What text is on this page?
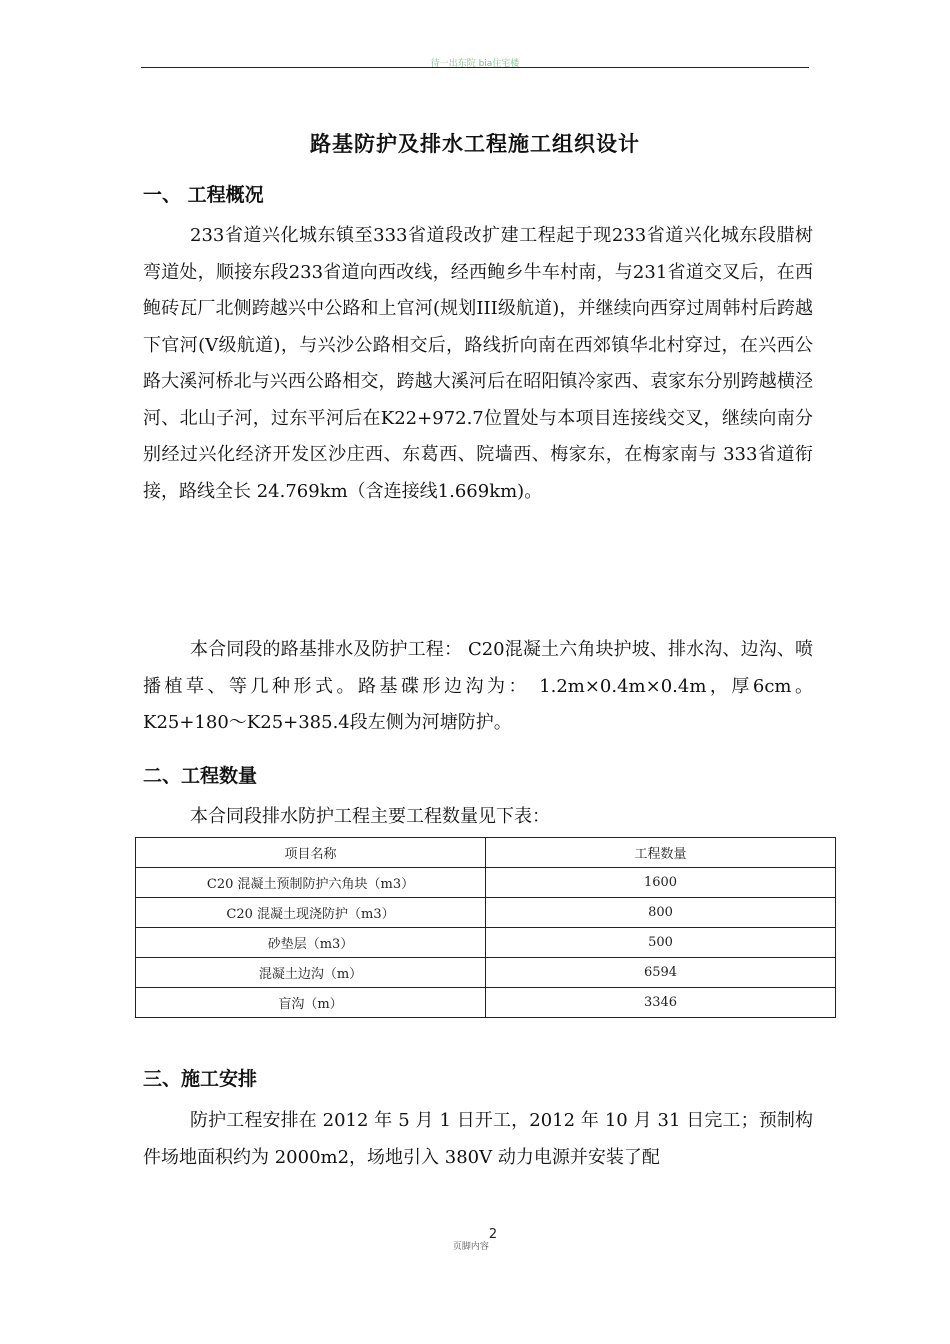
待一出东院 bia住宅楼
路基防护及排水工程施工组织设计
一、 工程概况

233省道兴化城东镇至333省道段改扩建工程起于现233省道兴化城东段腊树弯道处，顺接东段233省道向西改线，经西鲍乡牛车村南，与231省道交叉后，在西鲍砖瓦厂北侧跨越兴中公路和上官河(规划III级航道)，并继续向西穿过周韩村后跨越下官河(V级航道)，与兴沙公路相交后，路线折向南在西郊镇华北村穿过，在兴西公路大溪河桥北与兴西公路相交，跨越大溪河后在昭阳镇冷家西、袁家东分别跨越横泾河、北山子河，过东平河后在K22+972.7位置处与本项目连接线交叉，继续向南分别经过兴化经济开发区沙庄西、东葛西、院墙西、梅家东，在梅家南与 333省道衔接，路线全长 24.769km（含连接线1.669km)。

本合同段的路基排水及防护工程： C20混凝土六角块护坡、排水沟、边沟、喷播植草、等几种形式。路基碟形边沟为： 1.2m×0.4m×0.4m，厚6cm。K25+180～K25+385.4段左侧为河塘防护。

二、工程数量

本合同段排水防护工程主要工程数量见下表：

项目名称	工程数量
C20 混凝土预制防护六角块（m3）	1600
C20 混凝土现浇防护（m3）	800
砂垫层（m3）	500
混凝土边沟（m）	6594
盲沟（m）	3346
三、施工安排

防护工程安排在 2012 年 5 月 1 日开工，2012 年 10 月 31 日完工；预制构件场地面积约为 2000m2，场地引入 380V 动力电源并安装了配

页脚内容$^2$
